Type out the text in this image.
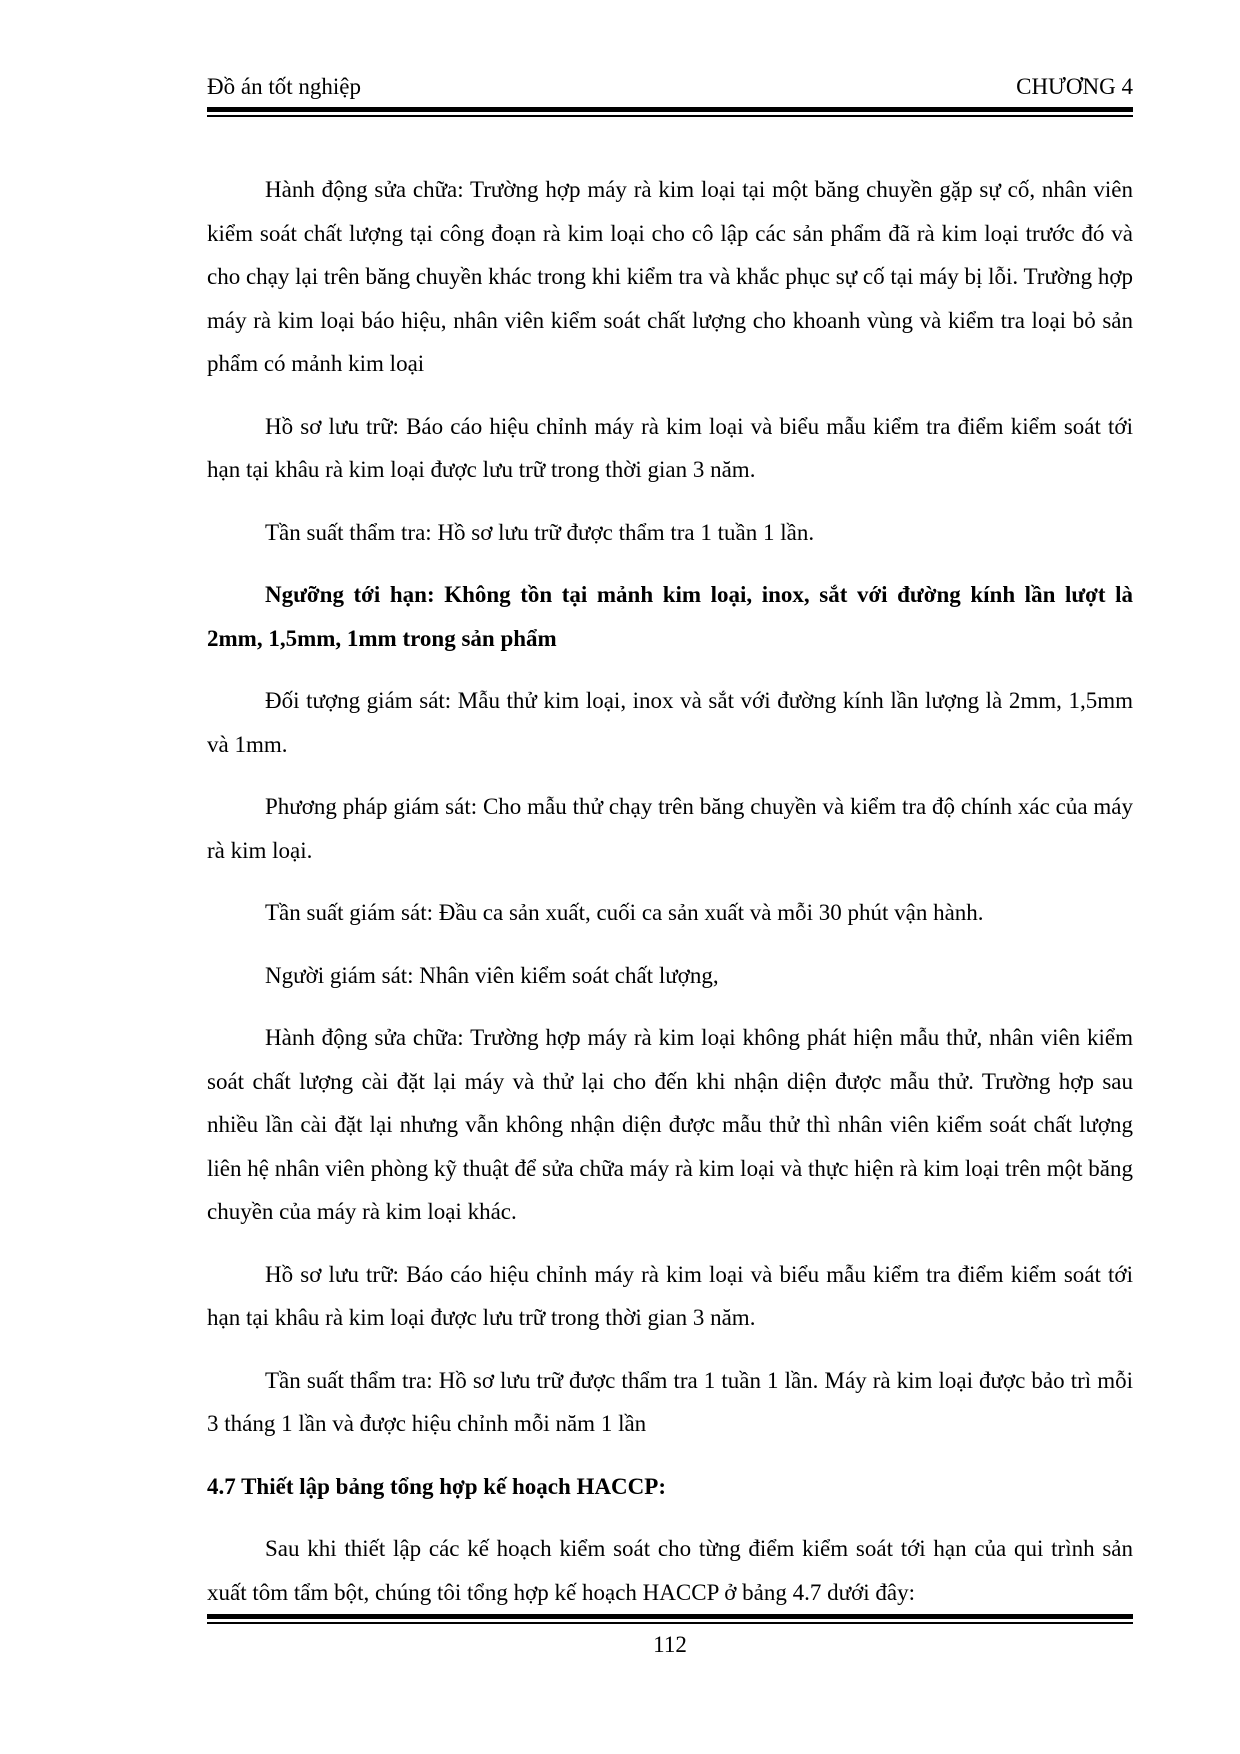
Đồ án tốt nghiệp	CHƯƠNG 4

Hành động sửa chữa: Trường hợp máy rà kim loại tại một băng chuyền gặp sự cố, nhân viên kiểm soát chất lượng tại công đoạn rà kim loại cho cô lập các sản phẩm đã rà kim loại trước đó và cho chạy lại trên băng chuyền khác trong khi kiểm tra và khắc phục sự cố tại máy bị lỗi. Trường hợp máy rà kim loại báo hiệu, nhân viên kiểm soát chất lượng cho khoanh vùng và kiểm tra loại bỏ sản phẩm có mảnh kim loại

Hồ sơ lưu trữ: Báo cáo hiệu chỉnh máy rà kim loại và biểu mẫu kiểm tra điểm kiểm soát tới hạn tại khâu rà kim loại được lưu trữ trong thời gian 3 năm.

Tần suất thẩm tra: Hồ sơ lưu trữ được thẩm tra 1 tuần 1 lần.

Ngưỡng tới hạn: Không tồn tại mảnh kim loại, inox, sắt với đường kính lần lượt là 2mm, 1,5mm, 1mm trong sản phẩm

Đối tượng giám sát: Mẫu thử kim loại, inox và sắt với đường kính lần lượng là 2mm, 1,5mm và 1mm.

Phương pháp giám sát: Cho mẫu thử chạy trên băng chuyền và kiểm tra độ chính xác của máy rà kim loại.

Tần suất giám sát: Đầu ca sản xuất, cuối ca sản xuất và mỗi 30 phút vận hành.

Người giám sát: Nhân viên kiểm soát chất lượng,

Hành động sửa chữa: Trường hợp máy rà kim loại không phát hiện mẫu thử, nhân viên kiểm soát chất lượng cài đặt lại máy và thử lại cho đến khi nhận diện được mẫu thử. Trường hợp sau nhiều lần cài đặt lại nhưng vẫn không nhận diện được mẫu thử thì nhân viên kiểm soát chất lượng liên hệ nhân viên phòng kỹ thuật để sửa chữa máy rà kim loại và thực hiện rà kim loại trên một băng chuyền của máy rà kim loại khác.

Hồ sơ lưu trữ: Báo cáo hiệu chỉnh máy rà kim loại và biểu mẫu kiểm tra điểm kiểm soát tới hạn tại khâu rà kim loại được lưu trữ trong thời gian 3 năm.

Tần suất thẩm tra: Hồ sơ lưu trữ được thẩm tra 1 tuần 1 lần. Máy rà kim loại được bảo trì mỗi 3 tháng 1 lần và được hiệu chỉnh mỗi năm 1 lần

4.7 Thiết lập bảng tổng hợp kế hoạch HACCP:

Sau khi thiết lập các kế hoạch kiểm soát cho từng điểm kiểm soát tới hạn của qui trình sản xuất tôm tẩm bột, chúng tôi tổng hợp kế hoạch HACCP ở bảng 4.7 dưới đây:

112
